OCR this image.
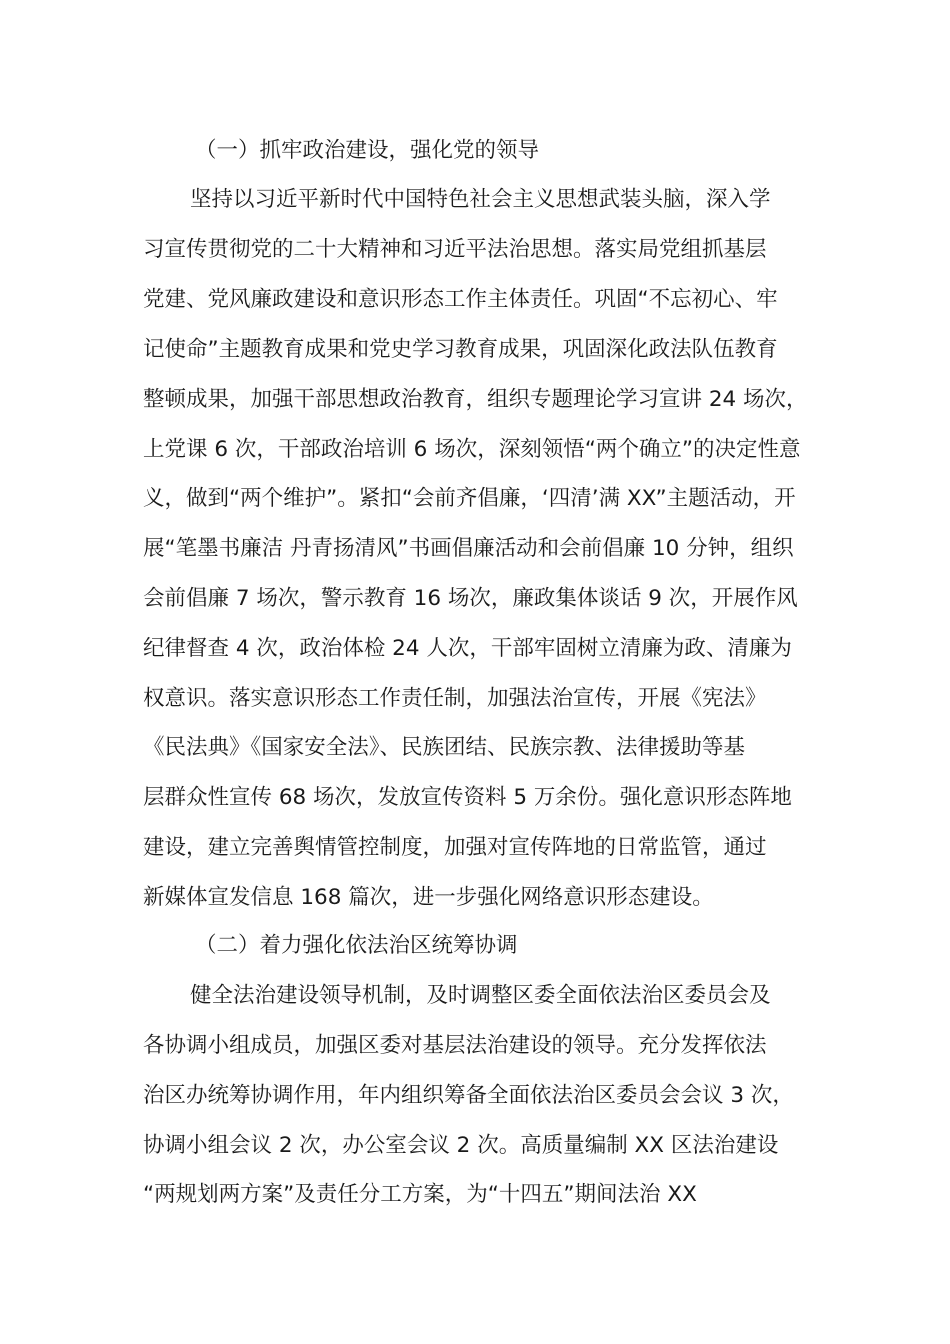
（一）抓牢政治建设，强化党的领导
坚持以习近平新时代中国特色社会主义思想武装头脑，深入学
习宣传贯彻党的二十大精神和习近平法治思想。落实局党组抓基层
党建、党风廉政建设和意识形态工作主体责任。巩固“不忘初心、牢
记使命”主题教育成果和党史学习教育成果，巩固深化政法队伍教育
整顿成果，加强干部思想政治教育，组织专题理论学习宣讲 24 场次，
上党课 6 次，干部政治培训 6 场次，深刻领悟“两个确立”的决定性意
义，做到“两个维护”。紧扣“会前齐倡廉，‘四清’满 XX”主题活动，开
展“笔墨书廉洁 丹青扬清风”书画倡廉活动和会前倡廉 10 分钟，组织
会前倡廉 7 场次，警示教育 16 场次，廉政集体谈话 9 次，开展作风
纪律督查 4 次，政治体检 24 人次，干部牢固树立清廉为政、清廉为
权意识。落实意识形态工作责任制，加强法治宣传，开展《宪法》
《民法典》《国家安全法》、民族团结、民族宗教、法律援助等基
层群众性宣传 68 场次，发放宣传资料 5 万余份。强化意识形态阵地
建设，建立完善舆情管控制度，加强对宣传阵地的日常监管，通过
新媒体宣发信息 168 篇次，进一步强化网络意识形态建设。
（二）着力强化依法治区统筹协调
健全法治建设领导机制，及时调整区委全面依法治区委员会及
各协调小组成员，加强区委对基层法治建设的领导。充分发挥依法
治区办统筹协调作用，年内组织筹备全面依法治区委员会会议 3 次，
协调小组会议 2 次，办公室会议 2 次。高质量编制 XX 区法治建设
“两规划两方案”及责任分工方案，为“十四五”期间法治 XX
